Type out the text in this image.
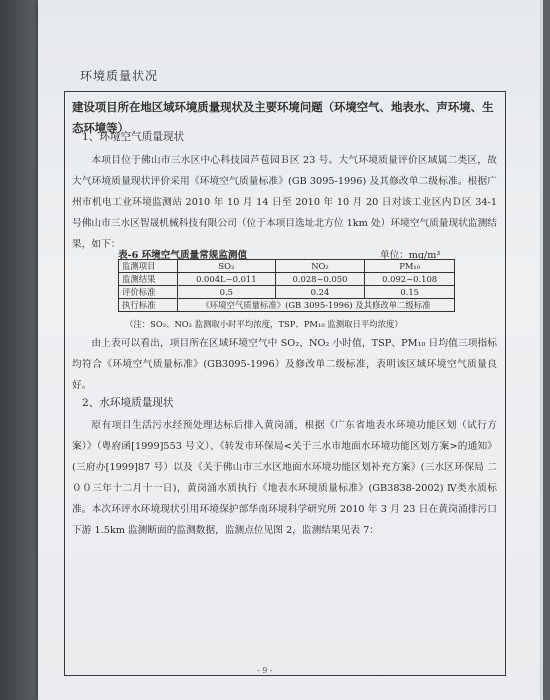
环境质量状况
建设项目所在地区域环境质量现状及主要环境问题（环境空气、地表水、声环境、生态环境等）
1、环境空气质量现状
本项目位于佛山市三水区中心科技园芦苞园Ｂ区 23 号。大气环境质量评价区域属二类区，故大气环境质量现状评价采用《环境空气质量标准》(GB 3095-1996) 及其修改单二级标准。根据广州市机电工业环境监测站 2010 年 10 月 14 日至 2010 年 10 月 20 日对该工业区内Ｄ区 34-1 号佛山市三水区智晟机械科技有限公司（位于本项目选址北方位 1km 处）环境空气质量现状监测结果，如下：
表-6 环境空气质量常规监测值	单位：mg/m³
监测项目	SO₂	NO₂	PM₁₀
监测结果	0.004L~0.011	0.028~0.050	0.092~0.108
评价标准	0.5	0.24	0.15
执行标准	《环境空气质量标准》(GB 3095-1996) 及其修改单二级标准		
（注：SO₂、NO₂ 监测取小时平均浓度，TSP、PM₁₀ 监测取日平均浓度）
由上表可以看出，项目所在区域环境空气中 SO₂、NO₂ 小时值，TSP、PM₁₀ 日均值三项指标均符合《环境空气质量标准》(GB3095-1996）及修改单二级标准，表明该区域环境空气质量良好。
2、水环境质量现状
原有项目生活污水经预处理达标后排入黄岗涌，根据《广东省地表水环境功能区划（试行方案）》（粤府函[1999]553 号文）、《转发市环保局<关于三水市地面水环境功能区划方案>的通知》(三府办[1999]87 号）以及《关于佛山市三水区地面水环境功能区划补充方案》(三水区环保局 二００三年十二月十一日)，黄岗涌水质执行《地表水环境质量标准》(GB3838-2002) Ⅳ类水质标准。本次环评水环境现状引用环境保护部华南环境科学研究所 2010 年 3 月 23 日在黄岗涌排污口下游 1.5km 监测断面的监测数据，监测点位见图 2，监测结果见表 7：
- 9 -
